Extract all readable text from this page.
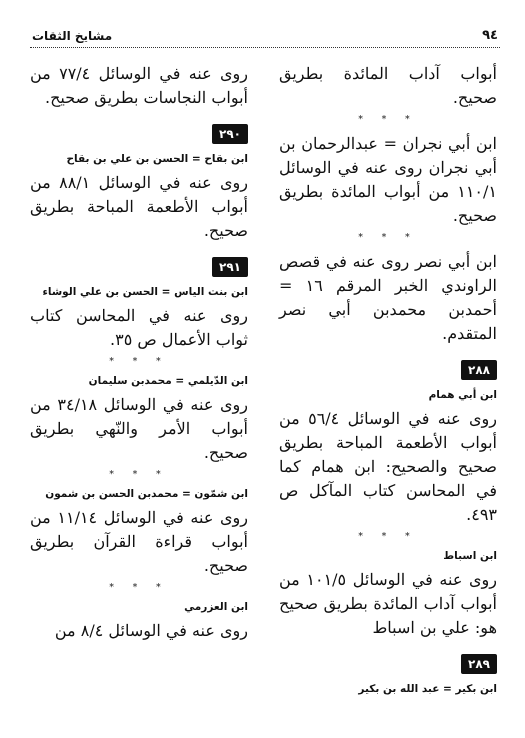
٩٤
مشايخ الثقات

أبواب آداب المائدة بطريق صحيح.

* * *

ابن أبي نجران = عبدالرحمان بن أبي نجران روى عنه في الوسائل ١١٠/١ من أبواب المائدة بطريق صحيح.

* * *

ابن أبي نصر روى عنه في قصص الراوندي الخبر المرقم ١٦ = أحمدبن محمدبن أبي نصر المتقدم.

٢٨٨
ابن أبي همام

روى عنه في الوسائل ٥٦/٤ من أبواب الأطعمة المباحة بطريق صحيح والصحيح: ابن همام كما في المحاسن كتاب المآكل ص ٤٩٣.

* * *
ابن اسباط

روى عنه في الوسائل ١٠١/٥ من أبواب آداب المائدة بطريق صحيح هو: علي بن اسباط

٢٨٩
ابن بكير = عبد الله بن بكير

روى عنه في الوسائل ٧٧/٤ من أبواب النجاسات بطريق صحيح.

٢٩٠
ابن بقاح = الحسن بن علي بن بقاح

روى عنه في الوسائل ٨٨/١ من أبواب الأطعمة المباحة بطريق صحيح.

٢٩١
ابن بنت الياس = الحسن بن علي الوشاء

روى عنه في المحاسن كتاب ثواب الأعمال ص ٣٥.

* * *
ابن الدّيلمي = محمدبن سليمان

روى عنه في الوسائل ٣٤/١٨ من أبواب الأمر والنّهي بطريق صحيح.

* * *
ابن شمّون = محمدبن الحسن بن شمون

روى عنه في الوسائل ١١/١٤ من أبواب قراءة القرآن بطريق صحيح.

* * *
ابن العزرمي

روى عنه في الوسائل ٨/٤ من
